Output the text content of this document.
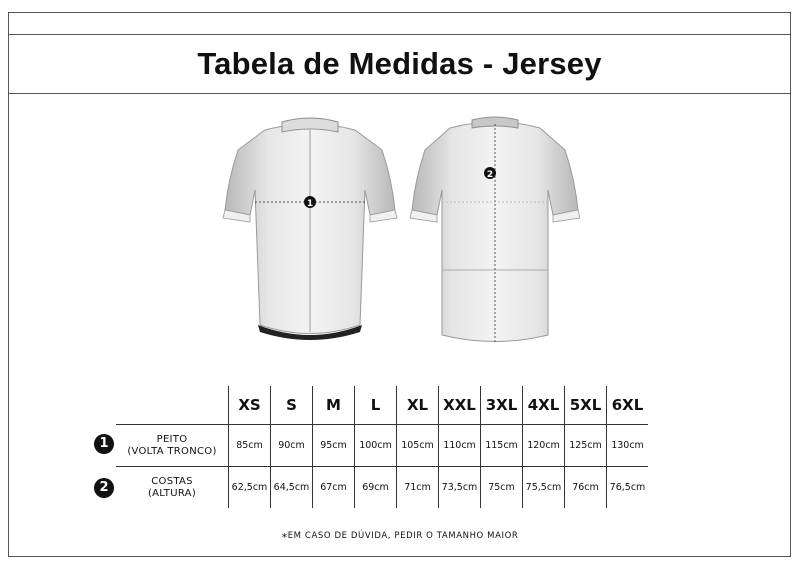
Tabela de Medidas - Jersey
1
2
	XS	S	M	L	XL	XXL	3XL	4XL	5XL	6XL

PEITO
(VOLTA TRONCO)	85cm	90cm	95cm	100cm	105cm	110cm	115cm	120cm	125cm	130cm

COSTAS
(ALTURA)	62,5cm	64,5cm	67cm	69cm	71cm	73,5cm	75cm	75,5cm	76cm	76,5cm
1
2
*EM CASO DE DÚVIDA, PEDIR O TAMANHO MAIOR
